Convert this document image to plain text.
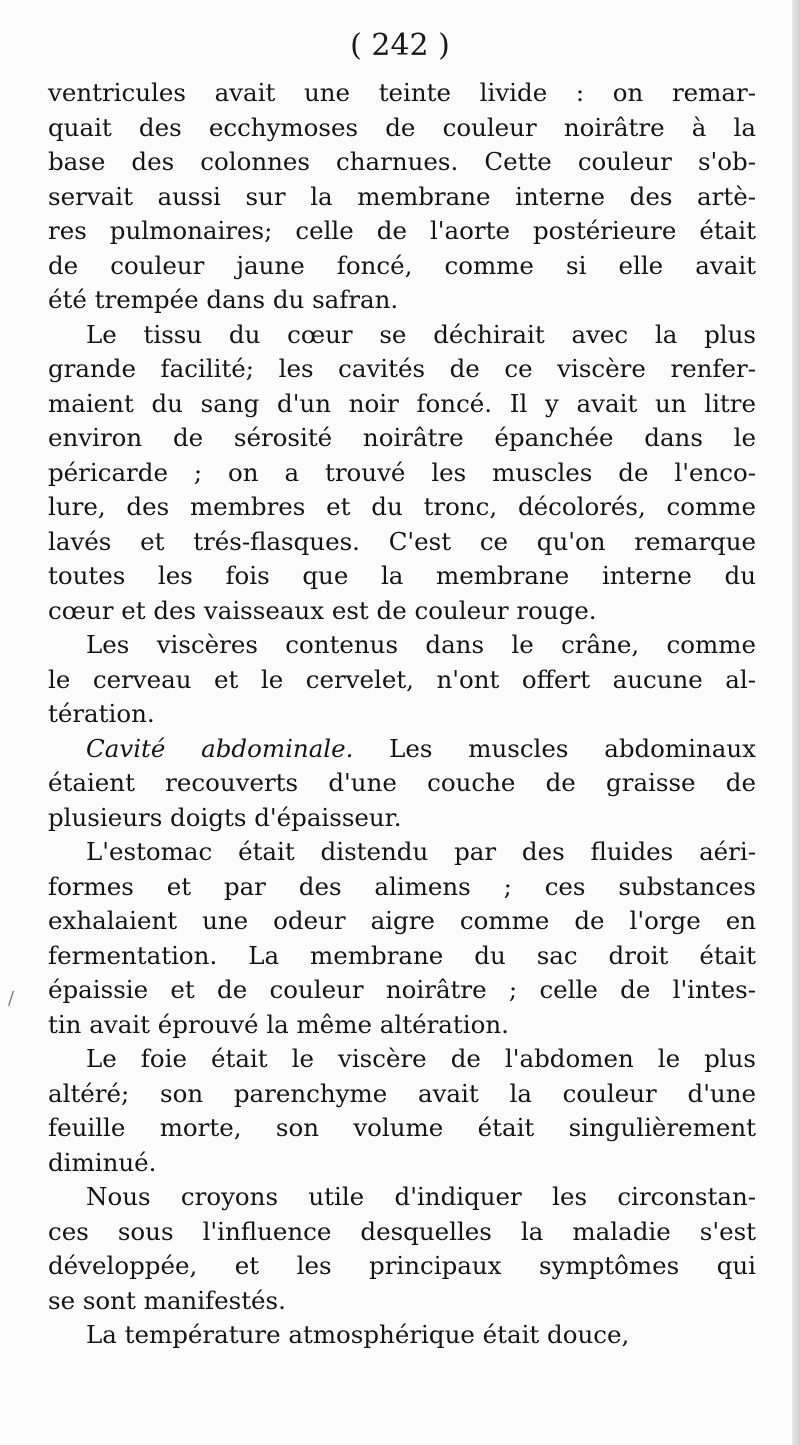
( 242 )
/
ventricules avait une teinte livide : on remar-
quait des ecchymoses de couleur noirâtre à la
base des colonnes charnues. Cette couleur s'ob-
servait aussi sur la membrane interne des artè-
res pulmonaires; celle de l'aorte postérieure était
de couleur jaune foncé, comme si elle avait
été trempée dans du safran.
Le tissu du cœur se déchirait avec la plus
grande facilité; les cavités de ce viscère renfer-
maient du sang d'un noir foncé. Il y avait un litre
environ de sérosité noirâtre épanchée dans le
péricarde ; on a trouvé les muscles de l'enco-
lure, des membres et du tronc, décolorés, comme
lavés et trés-flasques. C'est ce qu'on remarque
toutes les fois que la membrane interne du
cœur et des vaisseaux est de couleur rouge.
Les viscères contenus dans le crâne, comme
le cerveau et le cervelet, n'ont offert aucune al-
tération.
Cavité abdominale. Les muscles abdominaux
étaient recouverts d'une couche de graisse de
plusieurs doigts d'épaisseur.
L'estomac était distendu par des fluides aéri-
formes et par des alimens ; ces substances
exhalaient une odeur aigre comme de l'orge en
fermentation. La membrane du sac droit était
épaissie et de couleur noirâtre ; celle de l'intes-
tin avait éprouvé la même altération.
Le foie était le viscère de l'abdomen le plus
altéré; son parenchyme avait la couleur d'une
feuille morte, son volume était singulièrement
diminué.
Nous croyons utile d'indiquer les circonstan-
ces sous l'influence desquelles la maladie s'est
développée, et les principaux symptômes qui
se sont manifestés.
La température atmosphérique était douce,
